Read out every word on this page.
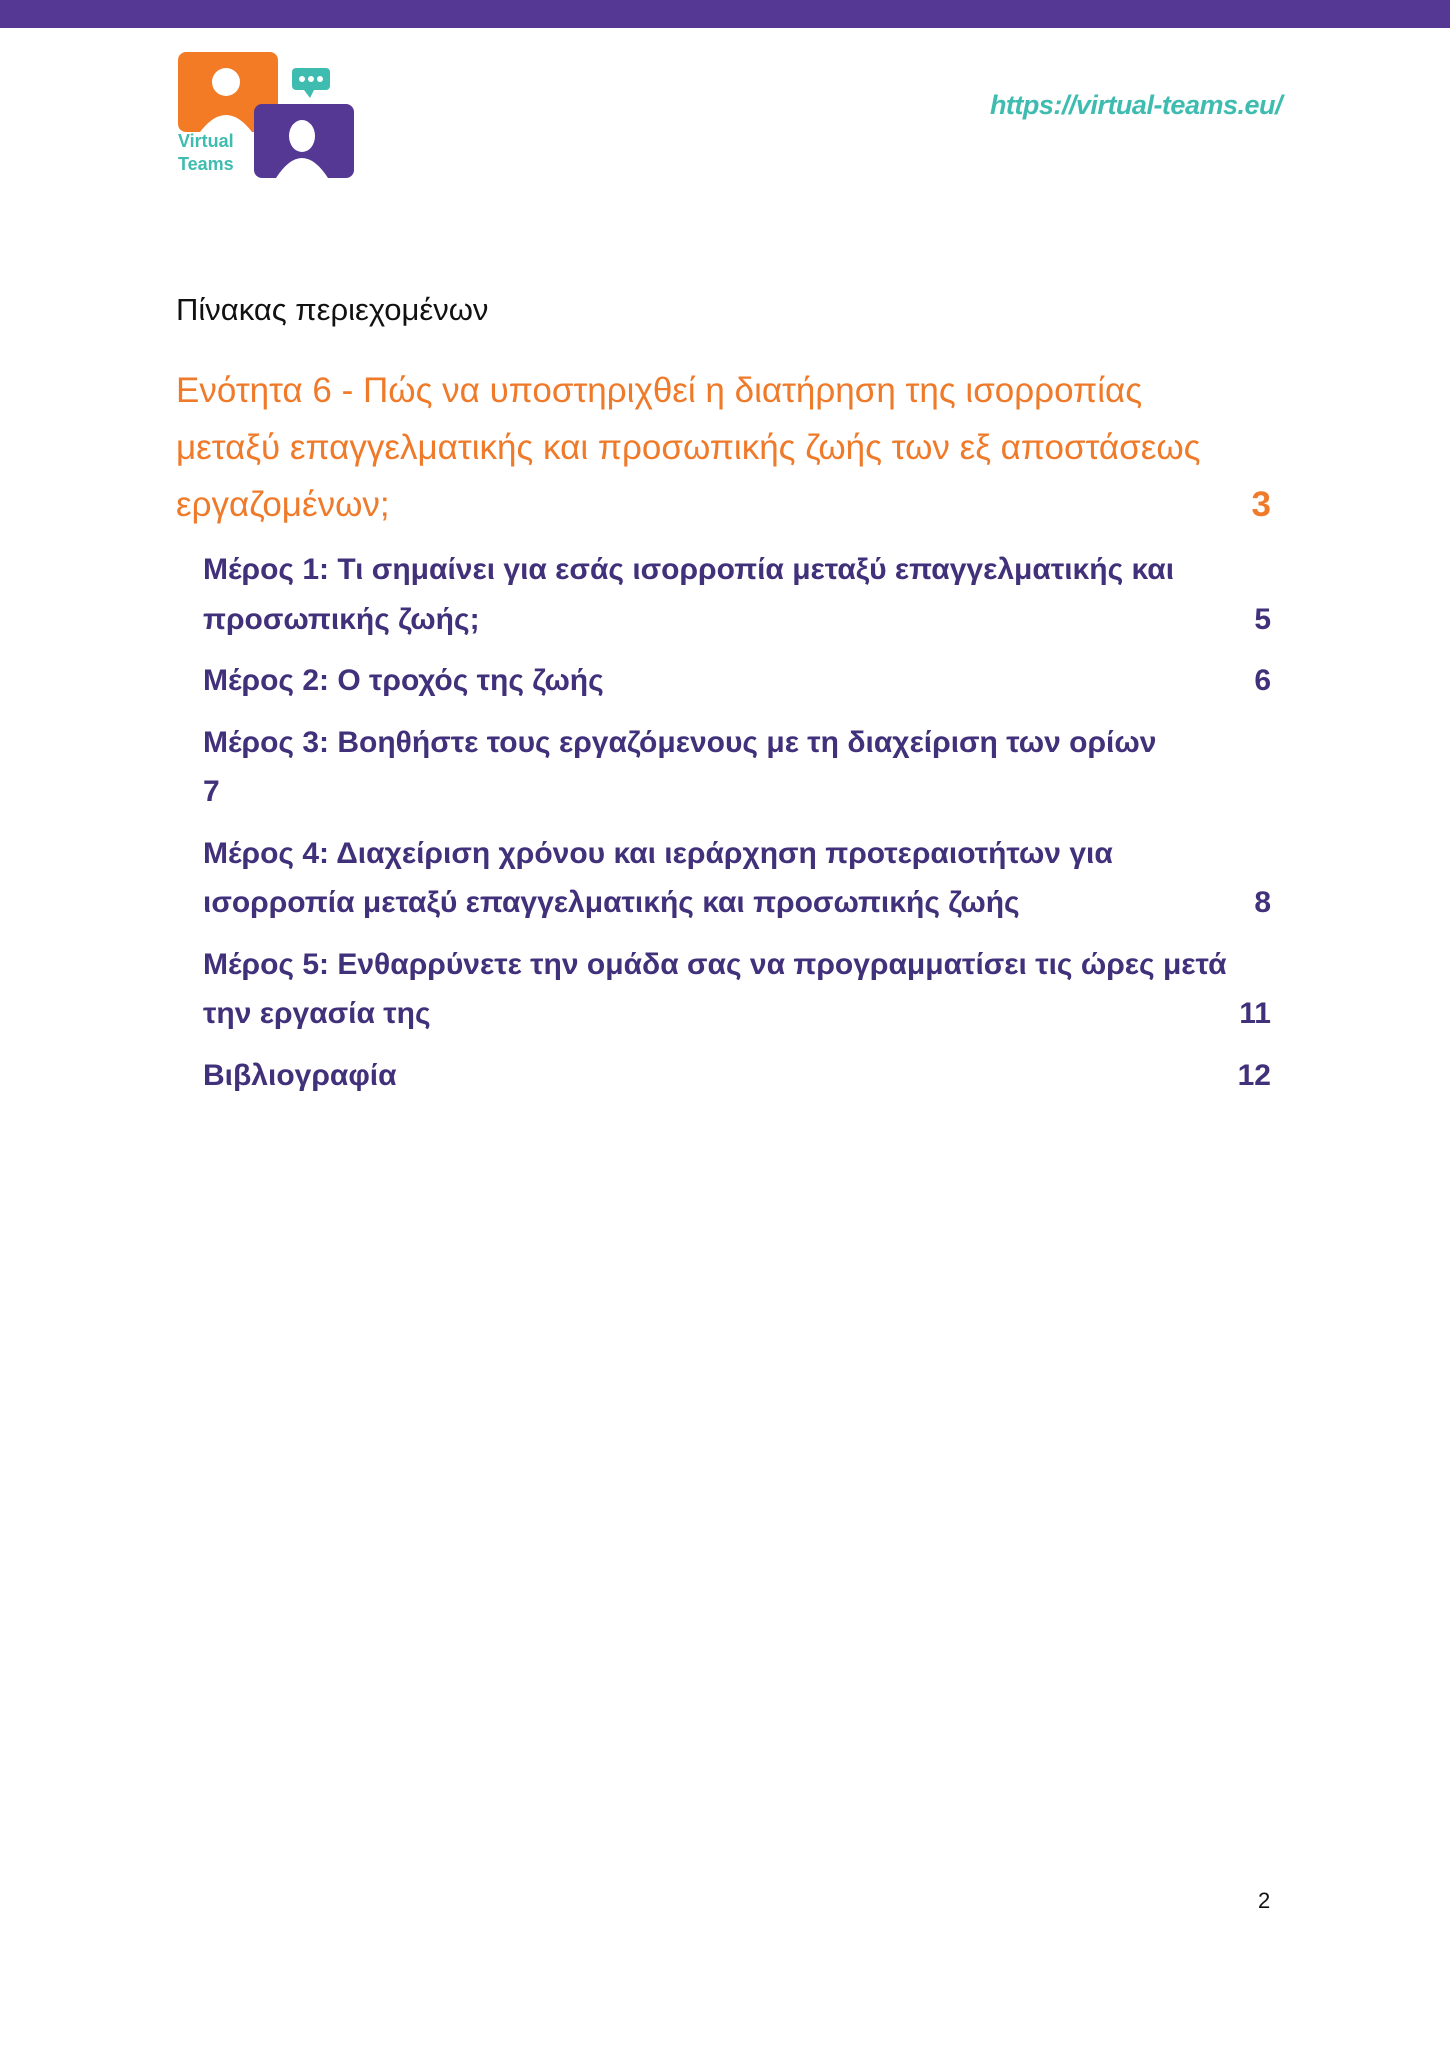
Virtual
Teams
https://virtual-teams.eu/
Πίνακας περιεχομένων
Ενότητα 6 - Πώς να υποστηριχθεί η διατήρηση της ισορροπίας μεταξύ επαγγελματικής και προσωπικής ζωής των εξ αποστάσεως εργαζομένων;	3
Μέρος 1: Τι σημαίνει για εσάς ισορροπία μεταξύ επαγγελματικής και προσωπικής ζωής;	5
Μέρος 2: Ο τροχός της ζωής	6
Μέρος 3: Βοηθήστε τους εργαζόμενους με τη διαχείριση των ορίων
7
Μέρος 4: Διαχείριση χρόνου και ιεράρχηση προτεραιοτήτων για ισορροπία μεταξύ επαγγελματικής και προσωπικής ζωής	8
Μέρος 5: Ενθαρρύνετε την ομάδα σας να προγραμματίσει τις ώρες μετά την εργασία της	11
Βιβλιογραφία	12
2
